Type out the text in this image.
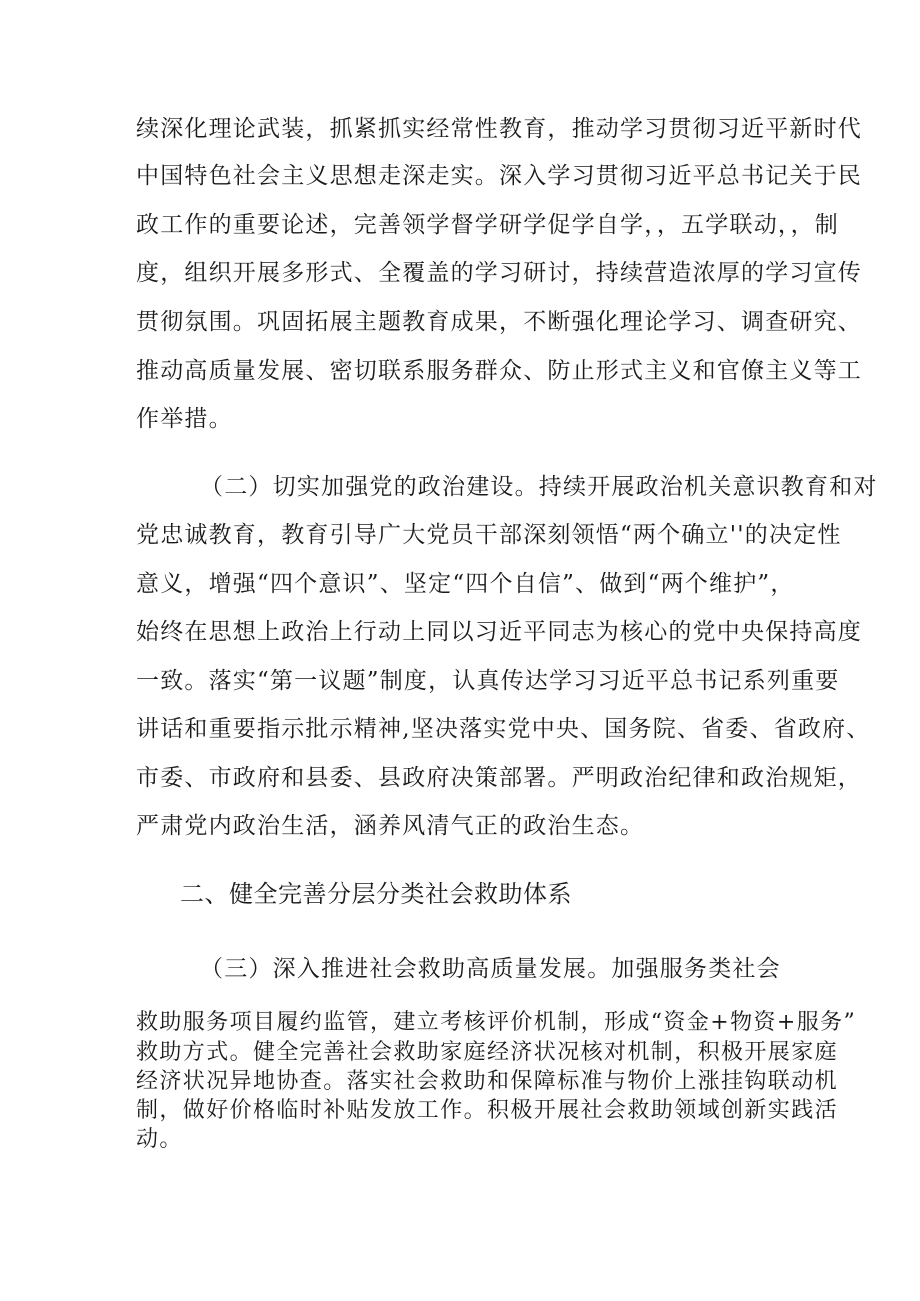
续深化理论武装，抓紧抓实经常性教育，推动学习贯彻习近平新时代
中国特色社会主义思想走深走实。深入学习贯彻习近平总书记关于民
政工作的重要论述，完善领学督学研学促学自学，，五学联动，，制
度，组织开展多形式、全覆盖的学习研讨，持续营造浓厚的学习宣传
贯彻氛围。巩固拓展主题教育成果，不断强化理论学习、调查研究、
推动高质量发展、密切联系服务群众、防止形式主义和官僚主义等工
作举措。
（二）切实加强党的政治建设。持续开展政治机关意识教育和对
党忠诚教育，教育引导广大党员干部深刻领悟“两个确立''的决定性
意义，增强“四个意识”、坚定“四个自信”、做到“两个维护”，
始终在思想上政治上行动上同以习近平同志为核心的党中央保持高度
一致。落实“第一议题”制度，认真传达学习习近平总书记系列重要
讲话和重要指示批示精神,坚决落实党中央、国务院、省委、省政府、
市委、市政府和县委、县政府决策部署。严明政治纪律和政治规矩，
严肃党内政治生活，涵养风清气正的政治生态。
二、健全完善分层分类社会救助体系
（三）深入推进社会救助高质量发展。加强服务类社会
救助服务项目履约监管，建立考核评价机制，形成“资金+物资+服务”
救助方式。健全完善社会救助家庭经济状况核对机制，积极开展家庭
经济状况异地协查。落实社会救助和保障标准与物价上涨挂钩联动机
制，做好价格临时补贴发放工作。积极开展社会救助领域创新实践活
动。
